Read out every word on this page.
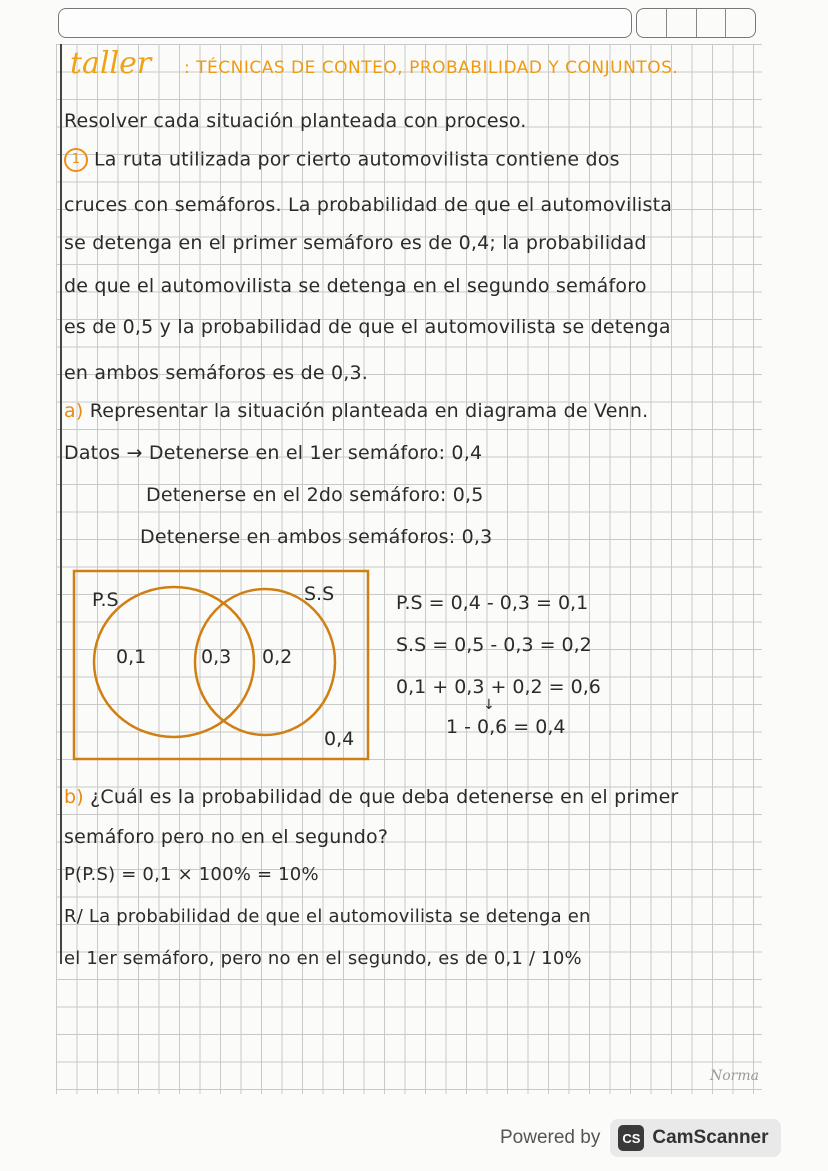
taller : TÉCNICAS DE CONTEO, PROBABILIDAD Y CONJUNTOS.
Resolver cada situación planteada con proceso.
1 La ruta utilizada por cierto automovilista contiene dos
cruces con semáforos. La probabilidad de que el automovilista
se detenga en el primer semáforo es de 0,4; la probabilidad
de que el automovilista se detenga en el segundo semáforo
es de 0,5 y la probabilidad de que el automovilista se detenga
en ambos semáforos es de 0,3.
a) Representar la situación planteada en diagrama de Venn.
Datos → Detenerse en el 1er semáforo: 0,4
Detenerse en el 2do semáforo: 0,5
Detenerse en ambos semáforos: 0,3
P.S	S.S
0,1	0,3 0,2
0,4
P.S = 0,4 - 0,3 = 0,1
S.S = 0,5 - 0,3 = 0,2
0,1 + 0,3 + 0,2 = 0,6
↓
1 - 0,6 = 0,4
b) ¿Cuál es la probabilidad de que deba detenerse en el primer
semáforo pero no en el segundo?
P(P.S) = 0,1 × 100% = 10%
R/ La probabilidad de que el automovilista se detenga en
el 1er semáforo, pero no en el segundo, es de 0,1 / 10%
Norma
Powered by	CS CamScanner
